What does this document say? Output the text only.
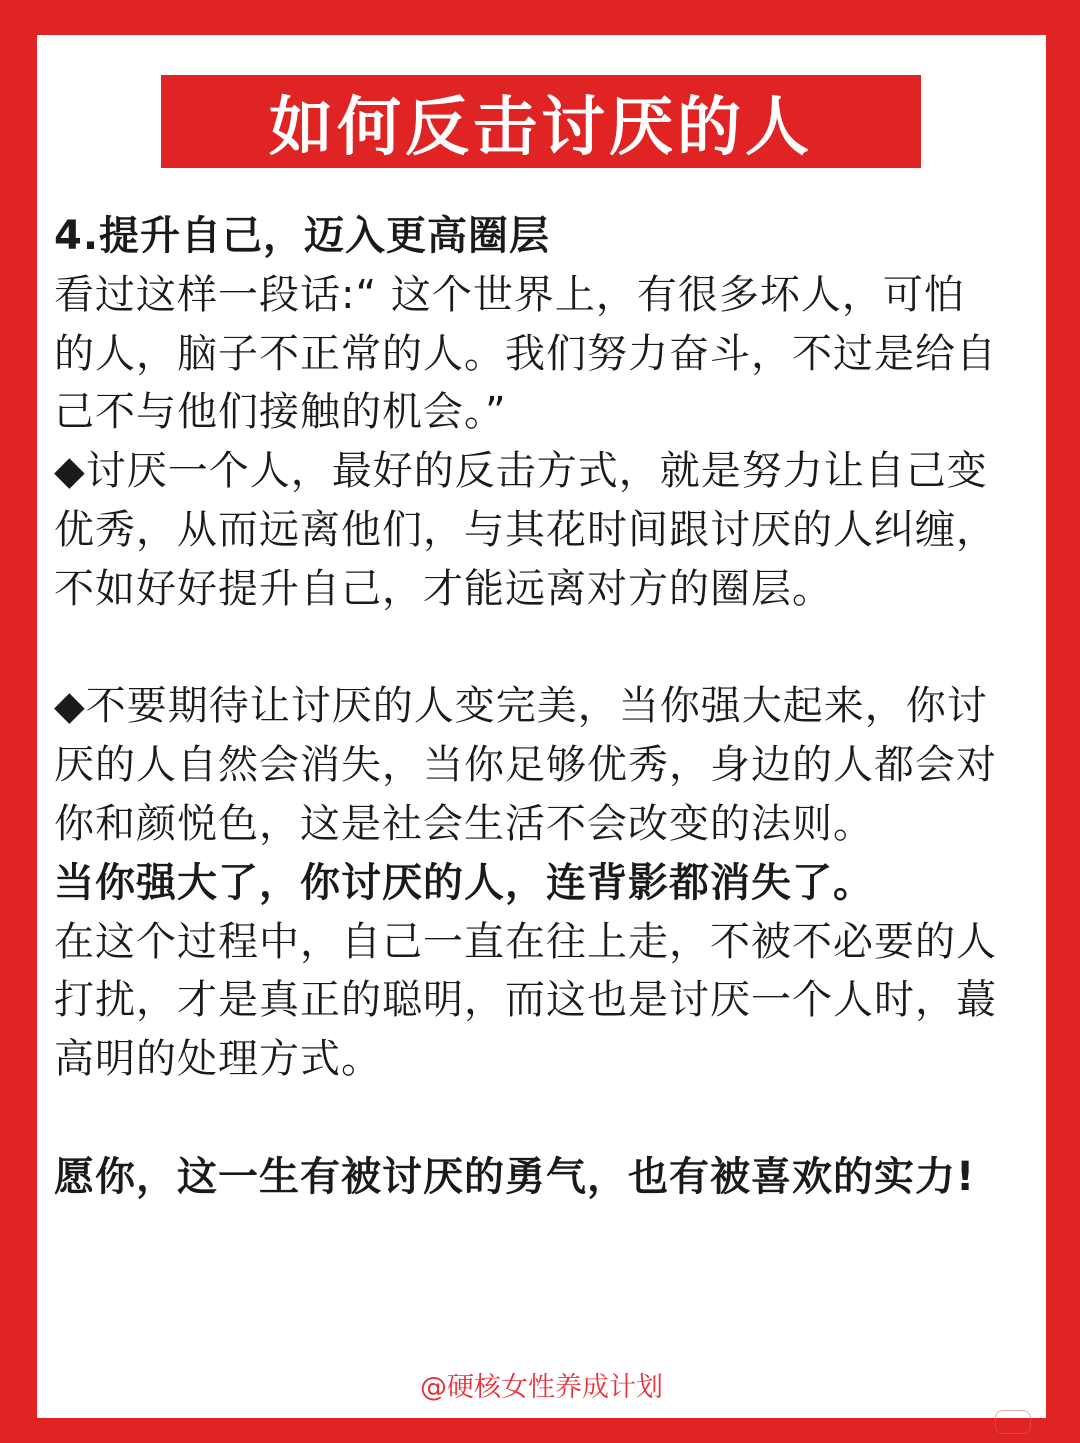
如何反击讨厌的人
4.提升自己，迈入更高圈层
看过这样一段话:“ 这个世界上，有很多坏人，可怕
的人，脑子不正常的人。我们努力奋斗，不过是给自
己不与他们接触的机会。”
◆讨厌一个人，最好的反击方式，就是努力让自己变
优秀，从而远离他们，与其花时间跟讨厌的人纠缠，
不如好好提升自己，才能远离对方的圈层。
◆不要期待让讨厌的人变完美，当你强大起来，你讨
厌的人自然会消失，当你足够优秀，身边的人都会对
你和颜悦色，这是社会生活不会改变的法则。
当你强大了，你讨厌的人，连背影都消失了。
在这个过程中，自己一直在往上走，不被不必要的人
打扰，才是真正的聪明，而这也是讨厌一个人时，蕞
高明的处理方式。
愿你，这一生有被讨厌的勇气，也有被喜欢的实力!
@硬核女性养成计划
